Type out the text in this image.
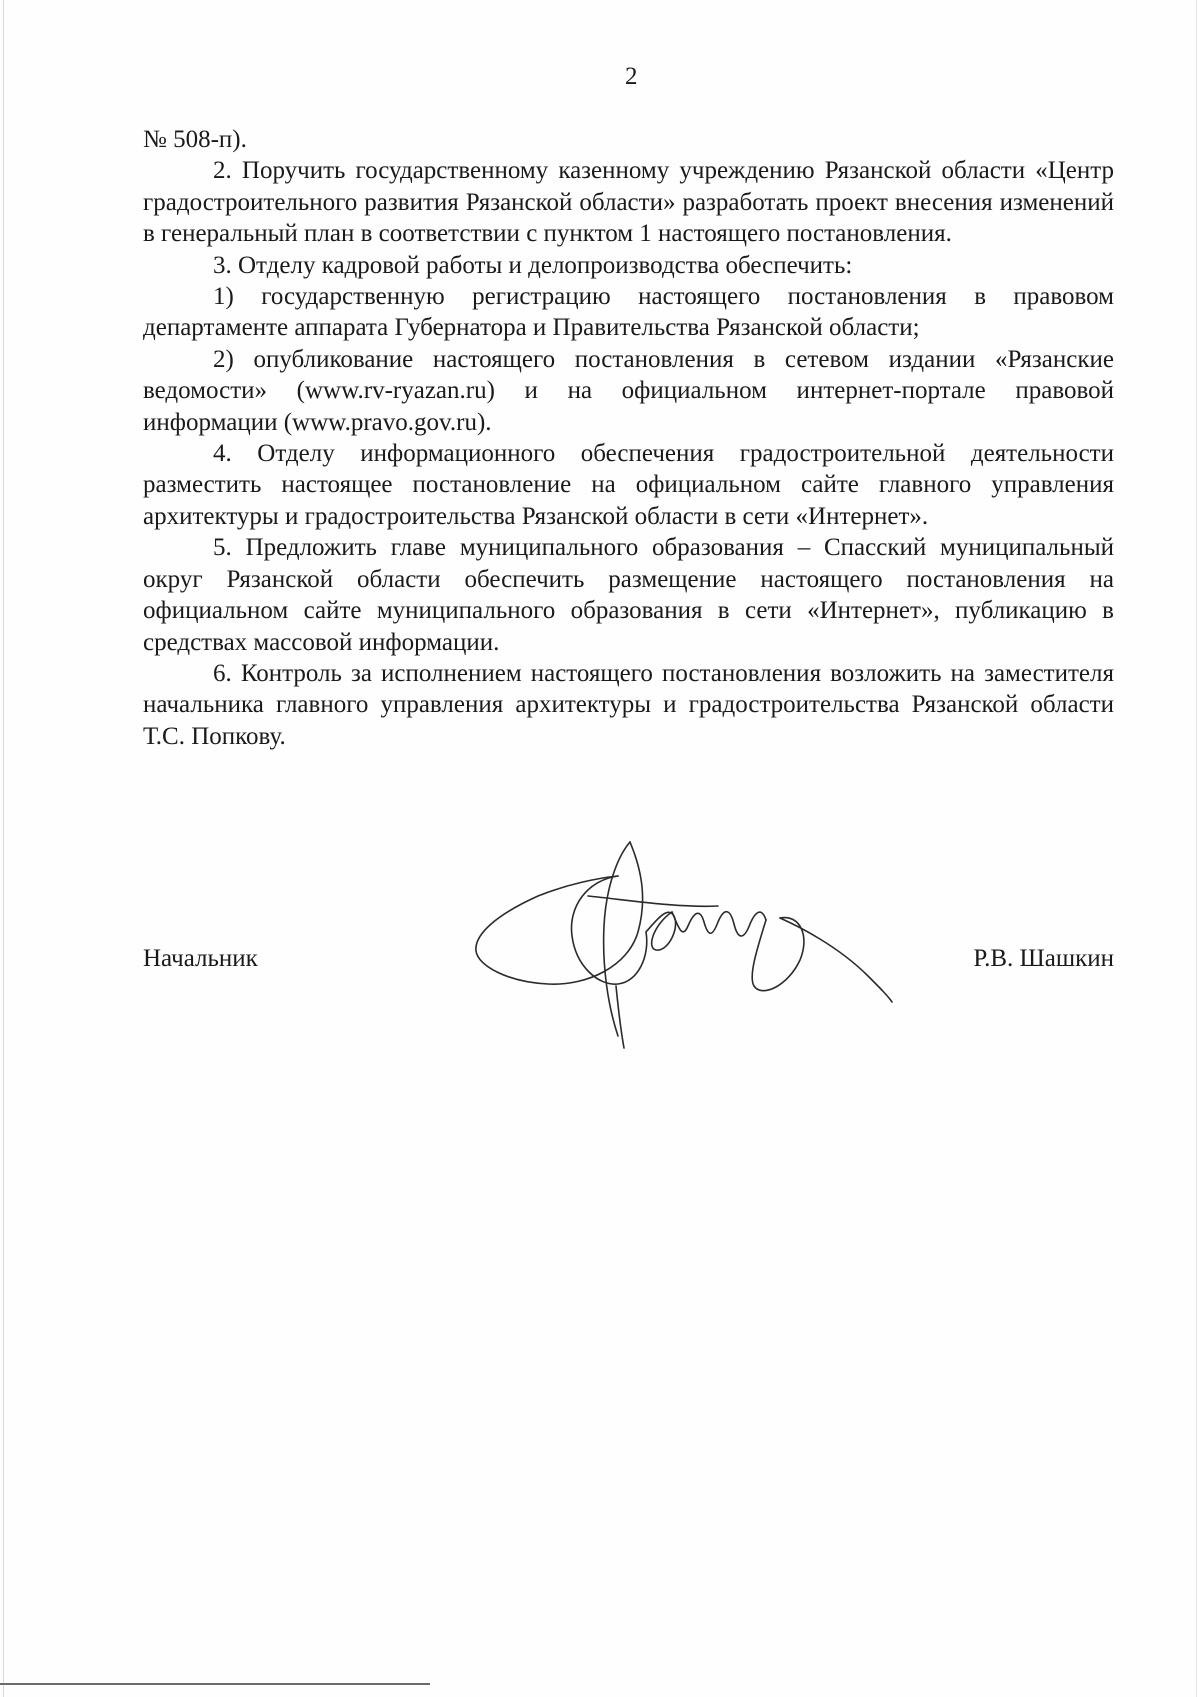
2

№ 508-п).

2. Поручить государственному казенному учреждению Рязанской области «Центр градостроительного развития Рязанской области» разработать проект внесения изменений в генеральный план в соответствии с пунктом 1 настоящего постановления.

3. Отделу кадровой работы и делопроизводства обеспечить:

1) государственную регистрацию настоящего постановления в правовом департаменте аппарата Губернатора и Правительства Рязанской области;

2) опубликование настоящего постановления в сетевом издании «Рязанские ведомости» (www.rv-ryazan.ru) и на официальном интернет-портале правовой информации (www.pravo.gov.ru).

4. Отделу информационного обеспечения градостроительной деятельности разместить настоящее постановление на официальном сайте главного управления архитектуры и градостроительства Рязанской области в сети «Интернет».

5. Предложить главе муниципального образования – Спасский муниципальный округ Рязанской области обеспечить размещение настоящего постановления на официальном сайте муниципального образования в сети «Интернет», публикацию в средствах массовой информации.

6. Контроль за исполнением настоящего постановления возложить на заместителя начальника главного управления архитектуры и градостроительства Рязанской области Т.С. Попкову.

Начальник	Р.В. Шашкин
